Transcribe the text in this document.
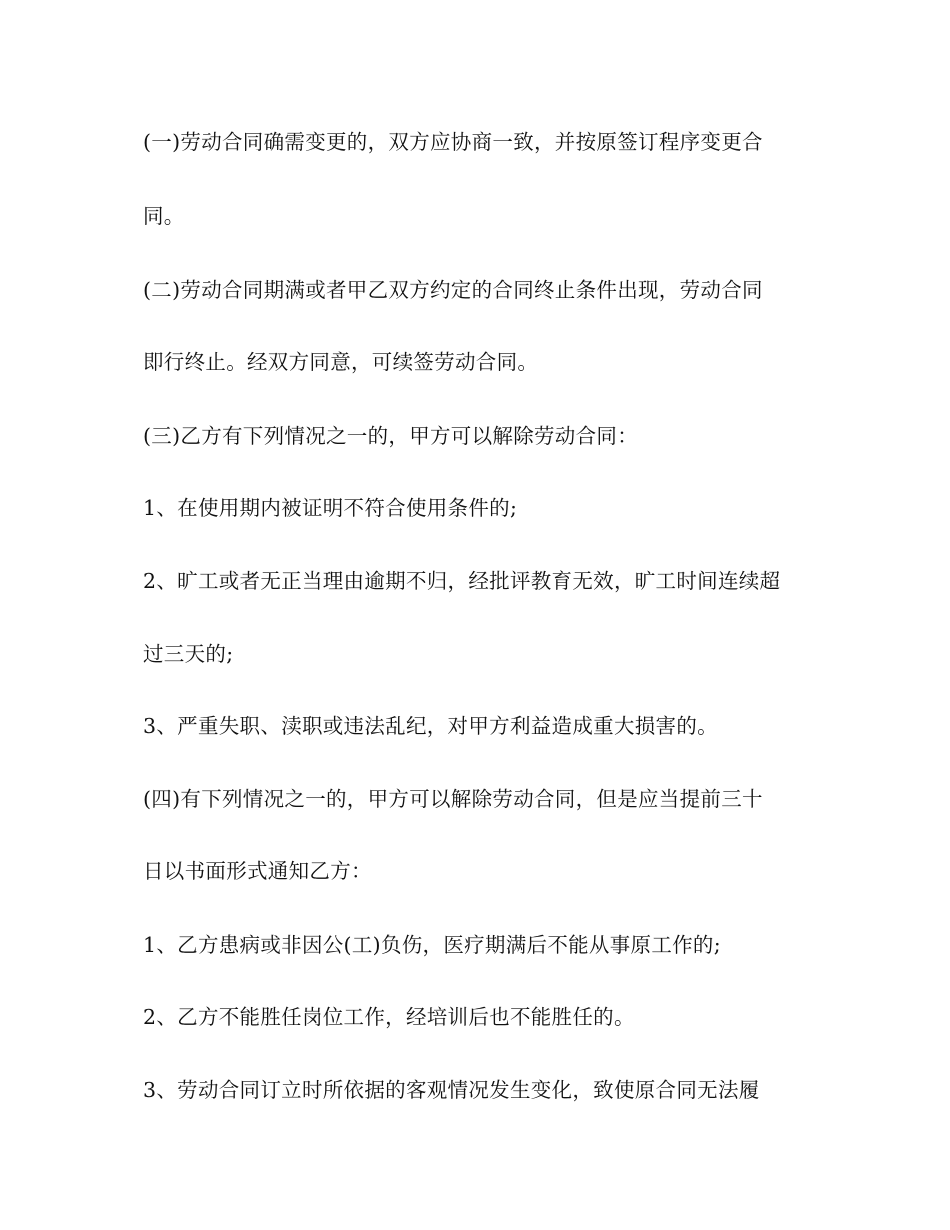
(一)劳动合同确需变更的，双方应协商一致，并按原签订程序变更合
同。
(二)劳动合同期满或者甲乙双方约定的合同终止条件出现，劳动合同
即行终止。经双方同意，可续签劳动合同。
(三)乙方有下列情况之一的，甲方可以解除劳动合同：
1、在使用期内被证明不符合使用条件的;
2、旷工或者无正当理由逾期不归，经批评教育无效，旷工时间连续超
过三天的;
3、严重失职、渎职或违法乱纪，对甲方利益造成重大损害的。
(四)有下列情况之一的，甲方可以解除劳动合同，但是应当提前三十
日以书面形式通知乙方：
1、乙方患病或非因公(工)负伤，医疗期满后不能从事原工作的;
2、乙方不能胜任岗位工作，经培训后也不能胜任的。
3、劳动合同订立时所依据的客观情况发生变化，致使原合同无法履
